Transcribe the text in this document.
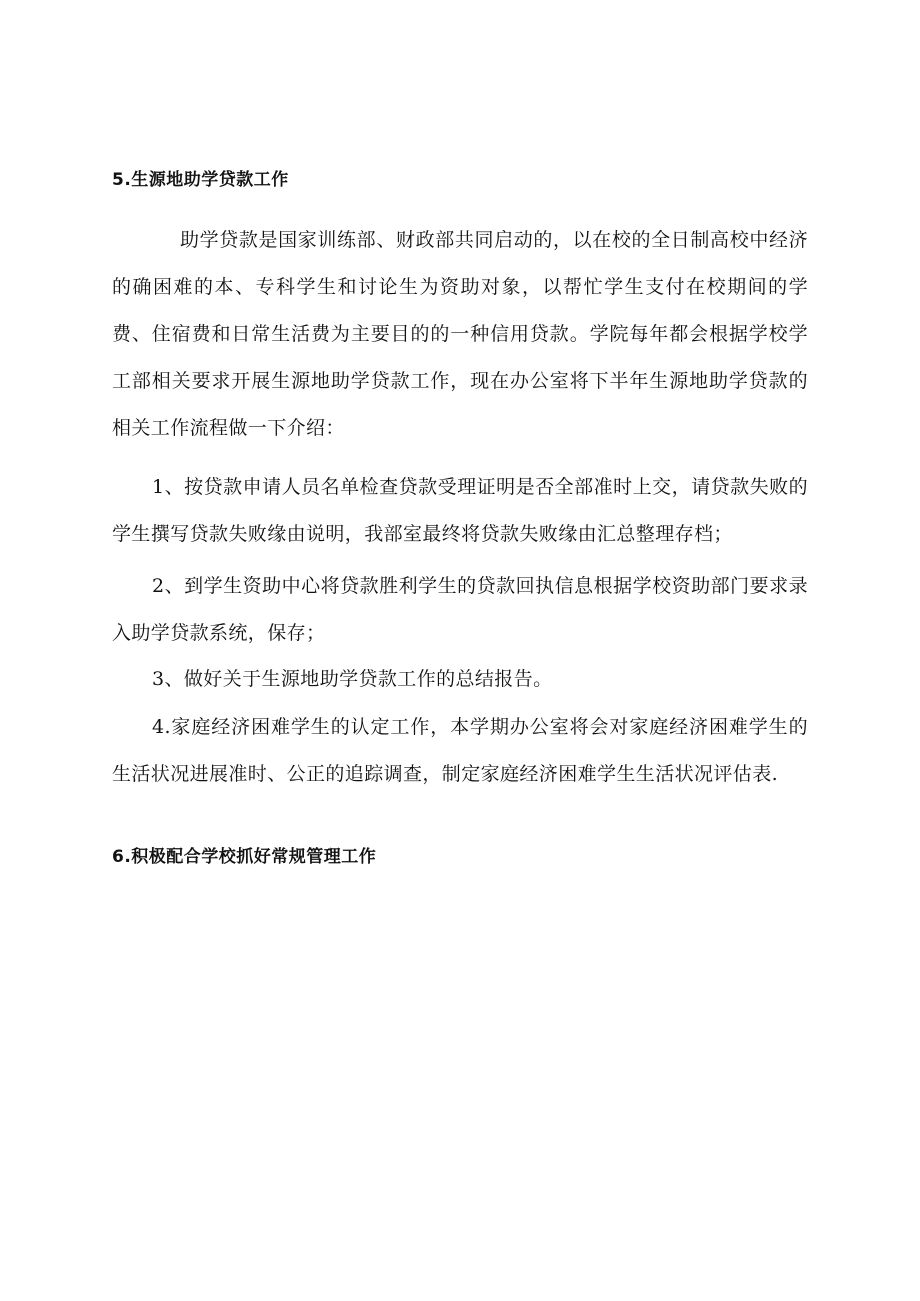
5.生源地助学贷款工作

助学贷款是国家训练部、财政部共同启动的，以在校的全日制高校中经济的确困难的本、专科学生和讨论生为资助对象，以帮忙学生支付在校期间的学费、住宿费和日常生活费为主要目的的一种信用贷款。学院每年都会根据学校学工部相关要求开展生源地助学贷款工作，现在办公室将下半年生源地助学贷款的相关工作流程做一下介绍：

1、按贷款申请人员名单检查贷款受理证明是否全部准时上交，请贷款失败的学生撰写贷款失败缘由说明，我部室最终将贷款失败缘由汇总整理存档；

2、到学生资助中心将贷款胜利学生的贷款回执信息根据学校资助部门要求录入助学贷款系统，保存；

3、做好关于生源地助学贷款工作的总结报告。

4.家庭经济困难学生的认定工作，本学期办公室将会对家庭经济困难学生的生活状况进展准时、公正的追踪调查，制定家庭经济困难学生生活状况评估表.

6.积极配合学校抓好常规管理工作
